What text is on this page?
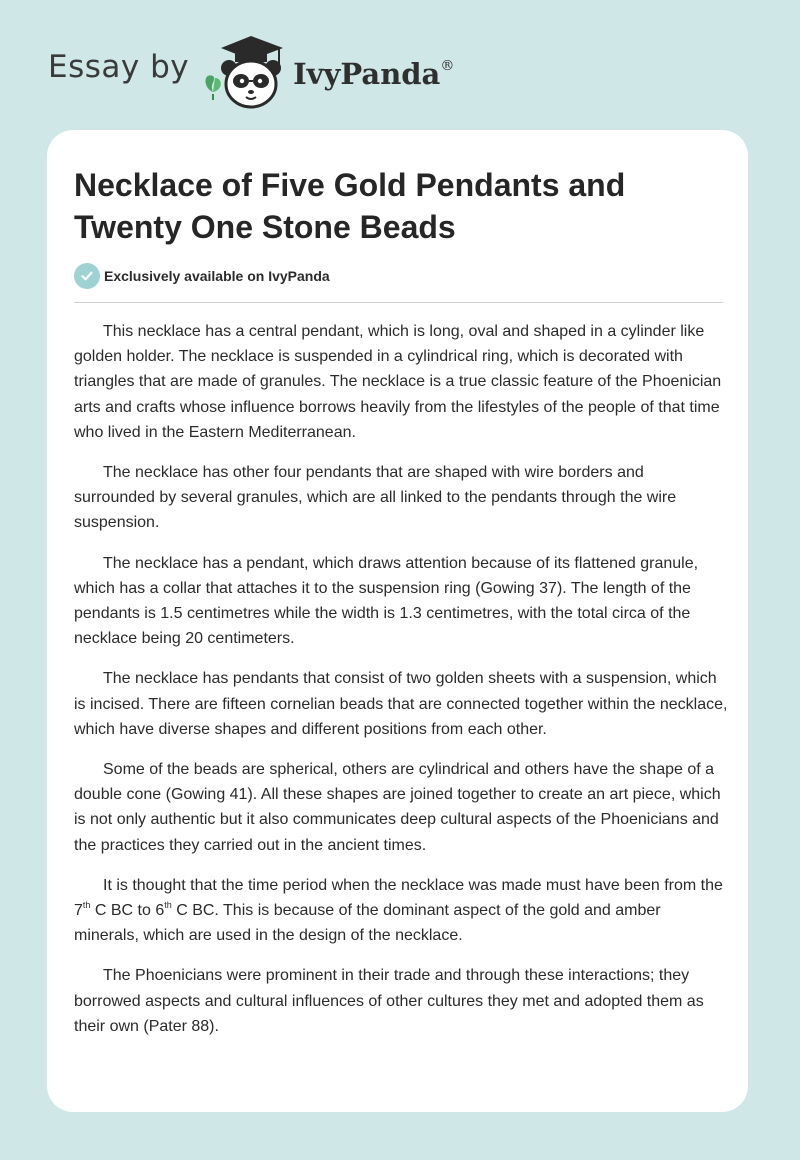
Essay by	IvyPanda®
Necklace of Five Gold Pendants and Twenty One Stone Beads
Exclusively available on IvyPanda

This necklace has a central pendant, which is long, oval and shaped in a cylinder like golden holder. The necklace is suspended in a cylindrical ring, which is decorated with triangles that are made of granules. The necklace is a true classic feature of the Phoenician arts and crafts whose influence borrows heavily from the lifestyles of the people of that time who lived in the Eastern Mediterranean.

The necklace has other four pendants that are shaped with wire borders and surrounded by several granules, which are all linked to the pendants through the wire suspension.

The necklace has a pendant, which draws attention because of its flattened granule, which has a collar that attaches it to the suspension ring (Gowing 37). The length of the pendants is 1.5 centimetres while the width is 1.3 centimetres, with the total circa of the necklace being 20 centimeters.

The necklace has pendants that consist of two golden sheets with a suspension, which is incised. There are fifteen cornelian beads that are connected together within the necklace, which have diverse shapes and different positions from each other.

Some of the beads are spherical, others are cylindrical and others have the shape of a double cone (Gowing 41). All these shapes are joined together to create an art piece, which is not only authentic but it also communicates deep cultural aspects of the Phoenicians and the practices they carried out in the ancient times.

It is thought that the time period when the necklace was made must have been from the 7th C BC to 6th C BC. This is because of the dominant aspect of the gold and amber minerals, which are used in the design of the necklace.

The Phoenicians were prominent in their trade and through these interactions; they borrowed aspects and cultural influences of other cultures they met and adopted them as their own (Pater 88).
